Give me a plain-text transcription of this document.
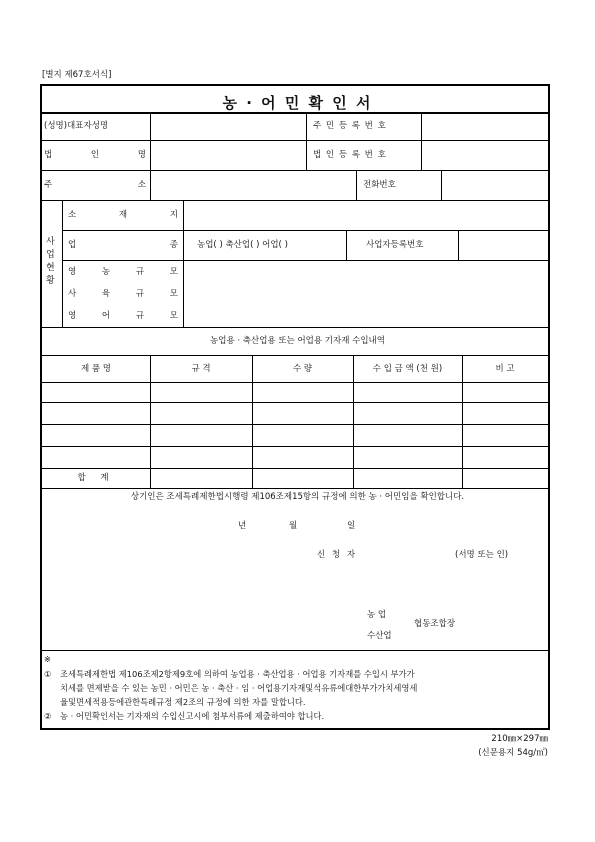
[별지 제67호서식]
농 · 어 민 확 인 서
(성명)대표자성명	주 민 등 록 번 호
법 인 명	법 인 등 록 번 호
주 소	전화번호
사업현황
소 재 지
업 종 농업( ) 축산업( ) 어업( )	사업자등록번호
영 농 규 모
사 육 규 모
영 어 규 모
농업용 · 축산업용 또는 어업용 기자재 수입내역
제 품 명	규 격	수 량	수 입 금 액 (천 원)	비 고
합 계
상기인은 조세특례제한법시행령 제106조제15항의 규정에 의한 농 · 어민임을 확인합니다.
년	월	일
신 청 자	(서명 또는 인)
농 업
협동조합장
수산업
※
① 조세특례제한법 제106조제2항제9호에 의하여 농업용 · 축산업용 · 어업용 기자재를 수입시 부가가
치세를 면제받을 수 있는 농민 · 어민은 농 · 축산 · 임 · 어업용기자재및석유류에대한부가가치세영세
율및면세적용등에관한특례규정 제2조의 규정에 의한 자를 말합니다.
② 농 · 어민확인서는 기자재의 수입신고시에 첨부서류에 제출하여야 합니다.
210㎜×297㎜
(신문용지 54g/㎡)
